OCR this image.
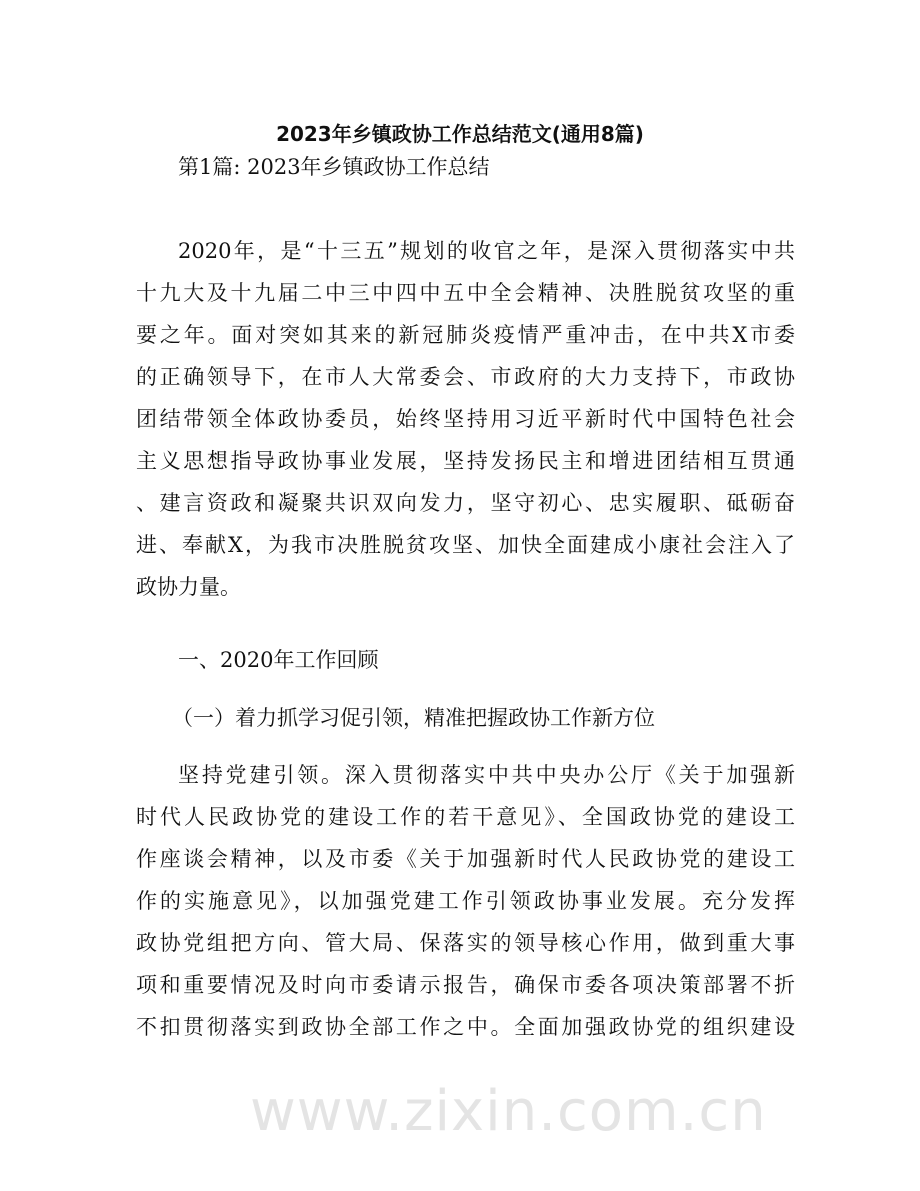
2023年乡镇政协工作总结范文(通用8篇)
第1篇: 2023年乡镇政协工作总结
2020年，是“十三五”规划的收官之年，是深入贯彻落实中共
十九大及十九届二中三中四中五中全会精神、决胜脱贫攻坚的重
要之年。面对突如其来的新冠肺炎疫情严重冲击，在中共X市委
的正确领导下，在市人大常委会、市政府的大力支持下，市政协
团结带领全体政协委员，始终坚持用习近平新时代中国特色社会
主义思想指导政协事业发展，坚持发扬民主和增进团结相互贯通
、建言资政和凝聚共识双向发力，坚守初心、忠实履职、砥砺奋
进、奉献X，为我市决胜脱贫攻坚、加快全面建成小康社会注入了
政协力量。
一、2020年工作回顾
（一）着力抓学习促引领，精准把握政协工作新方位
坚持党建引领。深入贯彻落实中共中央办公厅《关于加强新
时代人民政协党的建设工作的若干意见》、全国政协党的建设工
作座谈会精神，以及市委《关于加强新时代人民政协党的建设工
作的实施意见》，以加强党建工作引领政协事业发展。充分发挥
政协党组把方向、管大局、保落实的领导核心作用，做到重大事
项和重要情况及时向市委请示报告，确保市委各项决策部署不折
不扣贯彻落实到政协全部工作之中。全面加强政协党的组织建设
www.zixin.com.cn
